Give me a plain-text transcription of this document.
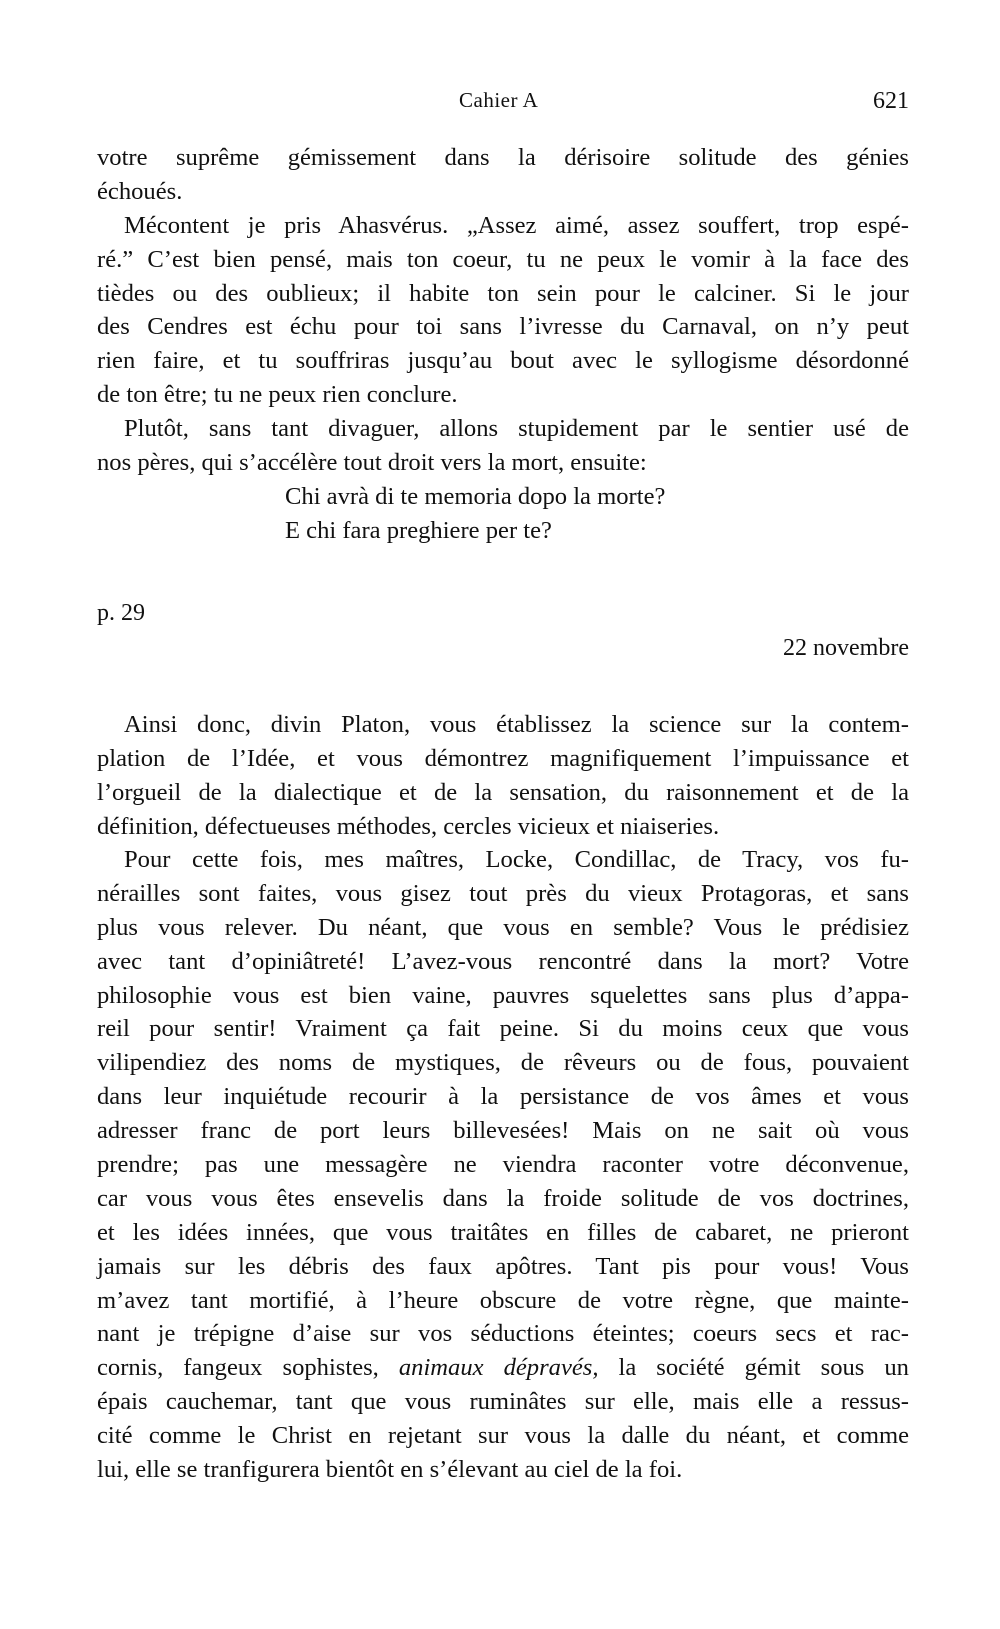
Cahier A	621
votre suprême gémissement dans la dérisoire solitude des génies
échoués.
Mécontent je pris Ahasvérus. „Assez aimé, assez souffert, trop espé-
ré.” C’est bien pensé, mais ton coeur, tu ne peux le vomir à la face des
tièdes ou des oublieux; il habite ton sein pour le calciner. Si le jour
des Cendres est échu pour toi sans l’ivresse du Carnaval, on n’y peut
rien faire, et tu souffriras jusqu’au bout avec le syllogisme désordonné
de ton être; tu ne peux rien conclure.
Plutôt, sans tant divaguer, allons stupidement par le sentier usé de
nos pères, qui s’accélère tout droit vers la mort, ensuite:
Chi avrà di te memoria dopo la morte?
E chi fara preghiere per te?
p. 29
22 novembre
Ainsi donc, divin Platon, vous établissez la science sur la contem-
plation de l’Idée, et vous démontrez magnifiquement l’impuissance et
l’orgueil de la dialectique et de la sensation, du raisonnement et de la
définition, défectueuses méthodes, cercles vicieux et niaiseries.
Pour cette fois, mes maîtres, Locke, Condillac, de Tracy, vos fu-
nérailles sont faites, vous gisez tout près du vieux Protagoras, et sans
plus vous relever. Du néant, que vous en semble? Vous le prédisiez
avec tant d’opiniâtreté! L’avez-vous rencontré dans la mort? Votre
philosophie vous est bien vaine, pauvres squelettes sans plus d’appa-
reil pour sentir! Vraiment ça fait peine. Si du moins ceux que vous
vilipendiez des noms de mystiques, de rêveurs ou de fous, pouvaient
dans leur inquiétude recourir à la persistance de vos âmes et vous
adresser franc de port leurs billevesées! Mais on ne sait où vous
prendre; pas une messagère ne viendra raconter votre déconvenue,
car vous vous êtes ensevelis dans la froide solitude de vos doctrines,
et les idées innées, que vous traitâtes en filles de cabaret, ne prieront
jamais sur les débris des faux apôtres. Tant pis pour vous! Vous
m’avez tant mortifié, à l’heure obscure de votre règne, que mainte-
nant je trépigne d’aise sur vos séductions éteintes; coeurs secs et rac-
cornis, fangeux sophistes, animaux dépravés, la société gémit sous un
épais cauchemar, tant que vous ruminâtes sur elle, mais elle a ressus-
cité comme le Christ en rejetant sur vous la dalle du néant, et comme
lui, elle se tranfigurera bientôt en s’élevant au ciel de la foi.
